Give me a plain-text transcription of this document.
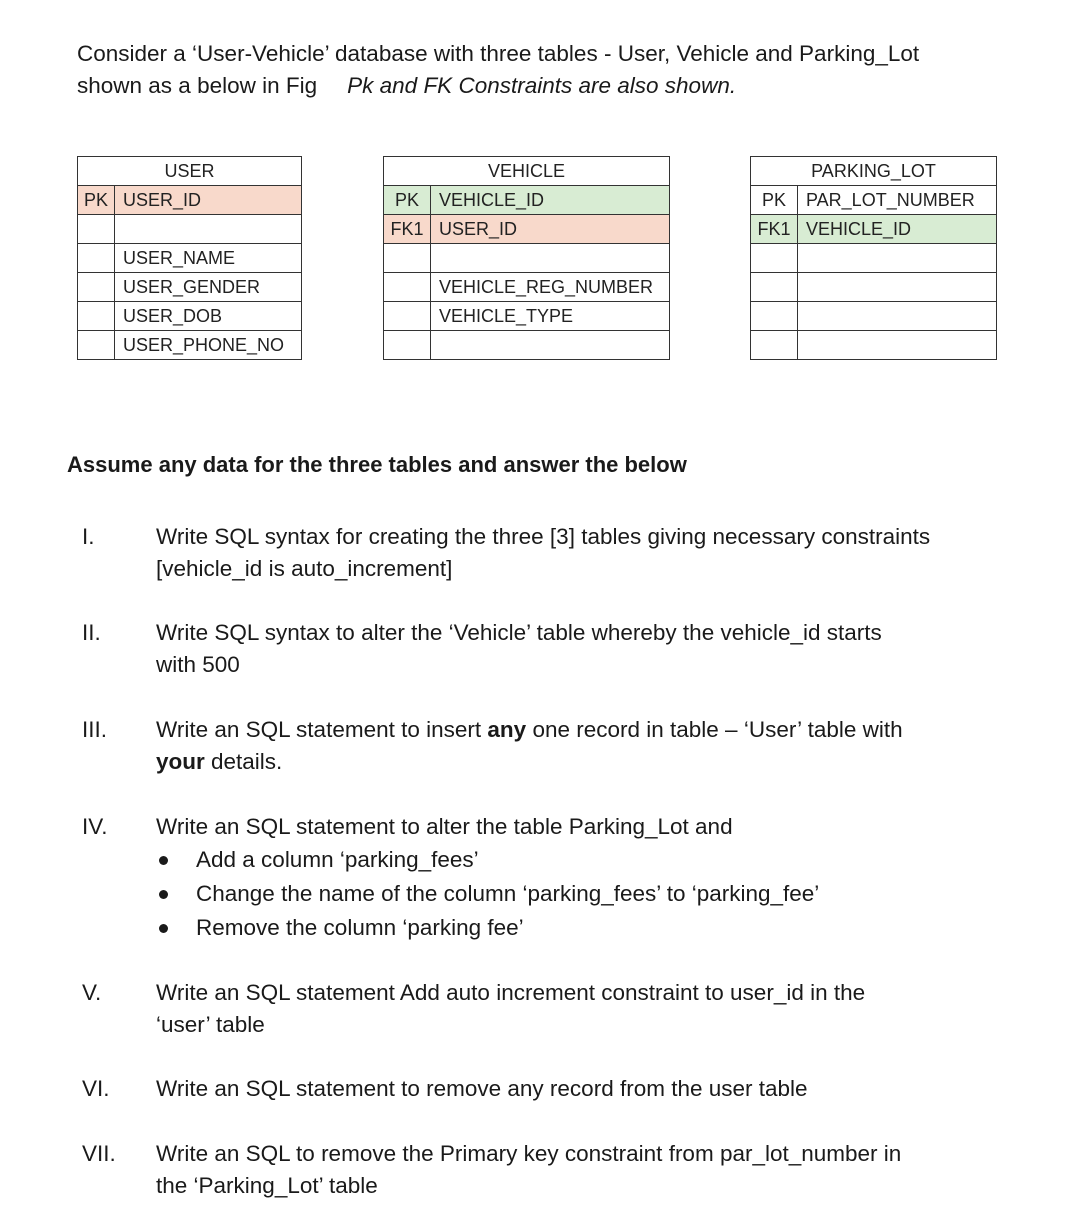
Consider a ‘User-Vehicle’ database with three tables - User, Vehicle and Parking_Lot
shown as a below in Fig Pk and FK Constraints are also shown.
USER	
PK	USER_ID

	USER_NAME
	USER_GENDER
	USER_DOB
	USER_PHONE_NO
VEHICLE	
PK	VEHICLE_ID
FK1	USER_ID

	VEHICLE_REG_NUMBER
	VEHICLE_TYPE

PARKING_LOT	
PK	PAR_LOT_NUMBER
FK1	VEHICLE_ID

Assume any data for the three tables and answer the below
I.	Write SQL syntax for creating the three [3] tables giving necessary constraints
[vehicle_id is auto_increment]
II.	Write SQL syntax to alter the ‘Vehicle’ table whereby the vehicle_id starts
with 500
III.	Write an SQL statement to insert any one record in table – ‘User’ table with
your details.
IV.	Write an SQL statement to alter the table Parking_Lot and
Add a column ‘parking_fees’
Change the name of the column ‘parking_fees’ to ‘parking_fee’
Remove the column ‘parking fee’
V.	Write an SQL statement Add auto increment constraint to user_id in the
‘user’ table
VI.	Write an SQL statement to remove any record from the user table
VII.	Write an SQL to remove the Primary key constraint from par_lot_number in
the ‘Parking_Lot’ table
